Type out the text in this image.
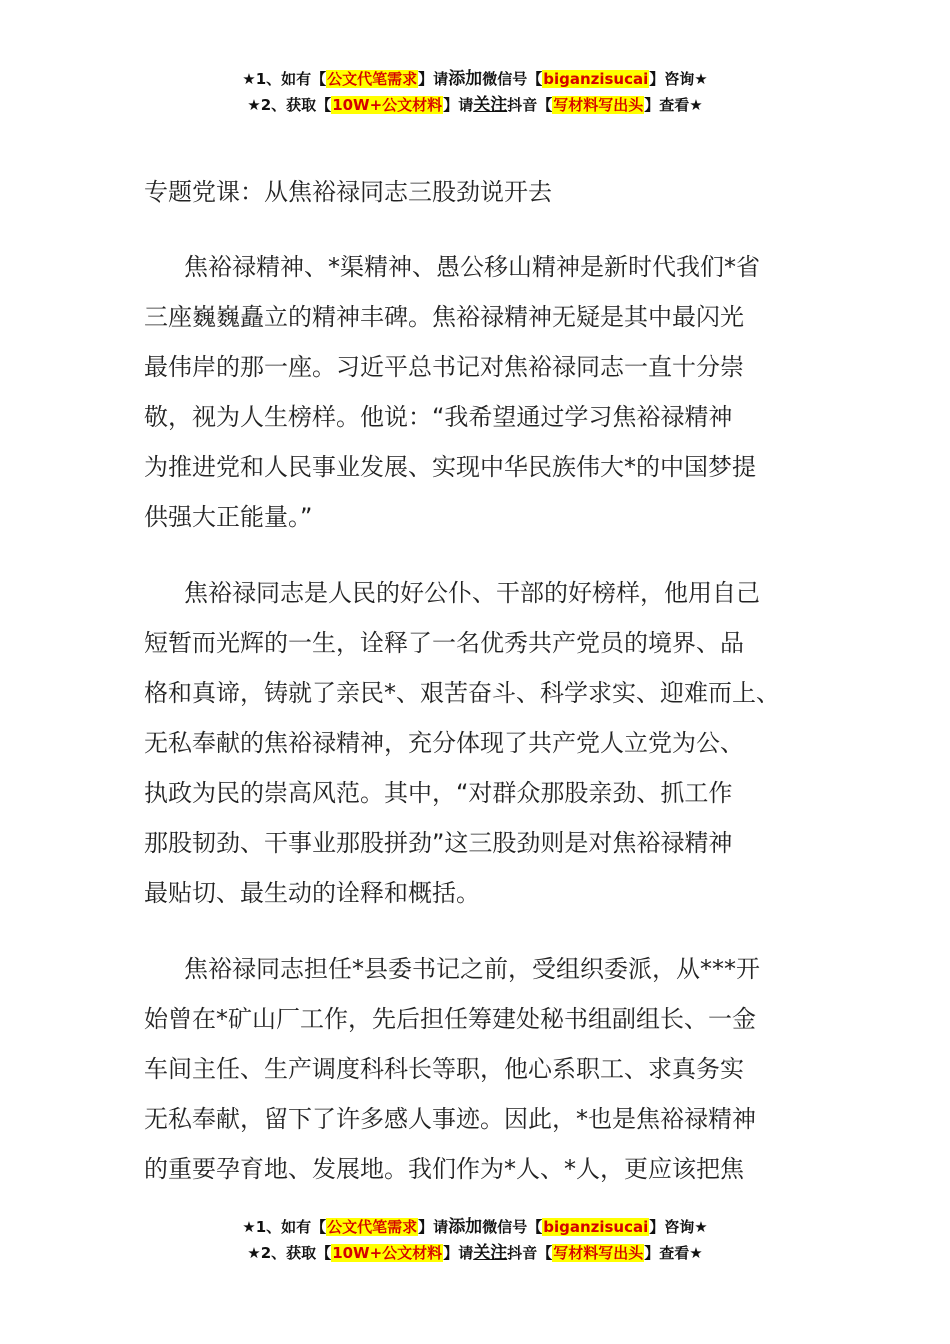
★1、如有【公文代笔需求】请添加微信号【biganzisucai】咨询★
★2、获取【10W+公文材料】请关注抖音【写材料写出头】查看★
专题党课：从焦裕禄同志三股劲说开去
焦裕禄精神、*渠精神、愚公移山精神是新时代我们*省
三座巍巍矗立的精神丰碑。焦裕禄精神无疑是其中最闪光
最伟岸的那一座。习近平总书记对焦裕禄同志一直十分崇
敬，视为人生榜样。他说：“我希望通过学习焦裕禄精神
为推进党和人民事业发展、实现中华民族伟大*的中国梦提
供强大正能量。”
焦裕禄同志是人民的好公仆、干部的好榜样，他用自己
短暂而光辉的一生，诠释了一名优秀共产党员的境界、品
格和真谛，铸就了亲民*、艰苦奋斗、科学求实、迎难而上、
无私奉献的焦裕禄精神，充分体现了共产党人立党为公、
执政为民的崇高风范。其中，“对群众那股亲劲、抓工作
那股韧劲、干事业那股拼劲”这三股劲则是对焦裕禄精神
最贴切、最生动的诠释和概括。
焦裕禄同志担任*县委书记之前，受组织委派，从***开
始曾在*矿山厂工作，先后担任筹建处秘书组副组长、一金
车间主任、生产调度科科长等职，他心系职工、求真务实
无私奉献，留下了许多感人事迹。因此，*也是焦裕禄精神
的重要孕育地、发展地。我们作为*人、*人，更应该把焦
★1、如有【公文代笔需求】请添加微信号【biganzisucai】咨询★
★2、获取【10W+公文材料】请关注抖音【写材料写出头】查看★
